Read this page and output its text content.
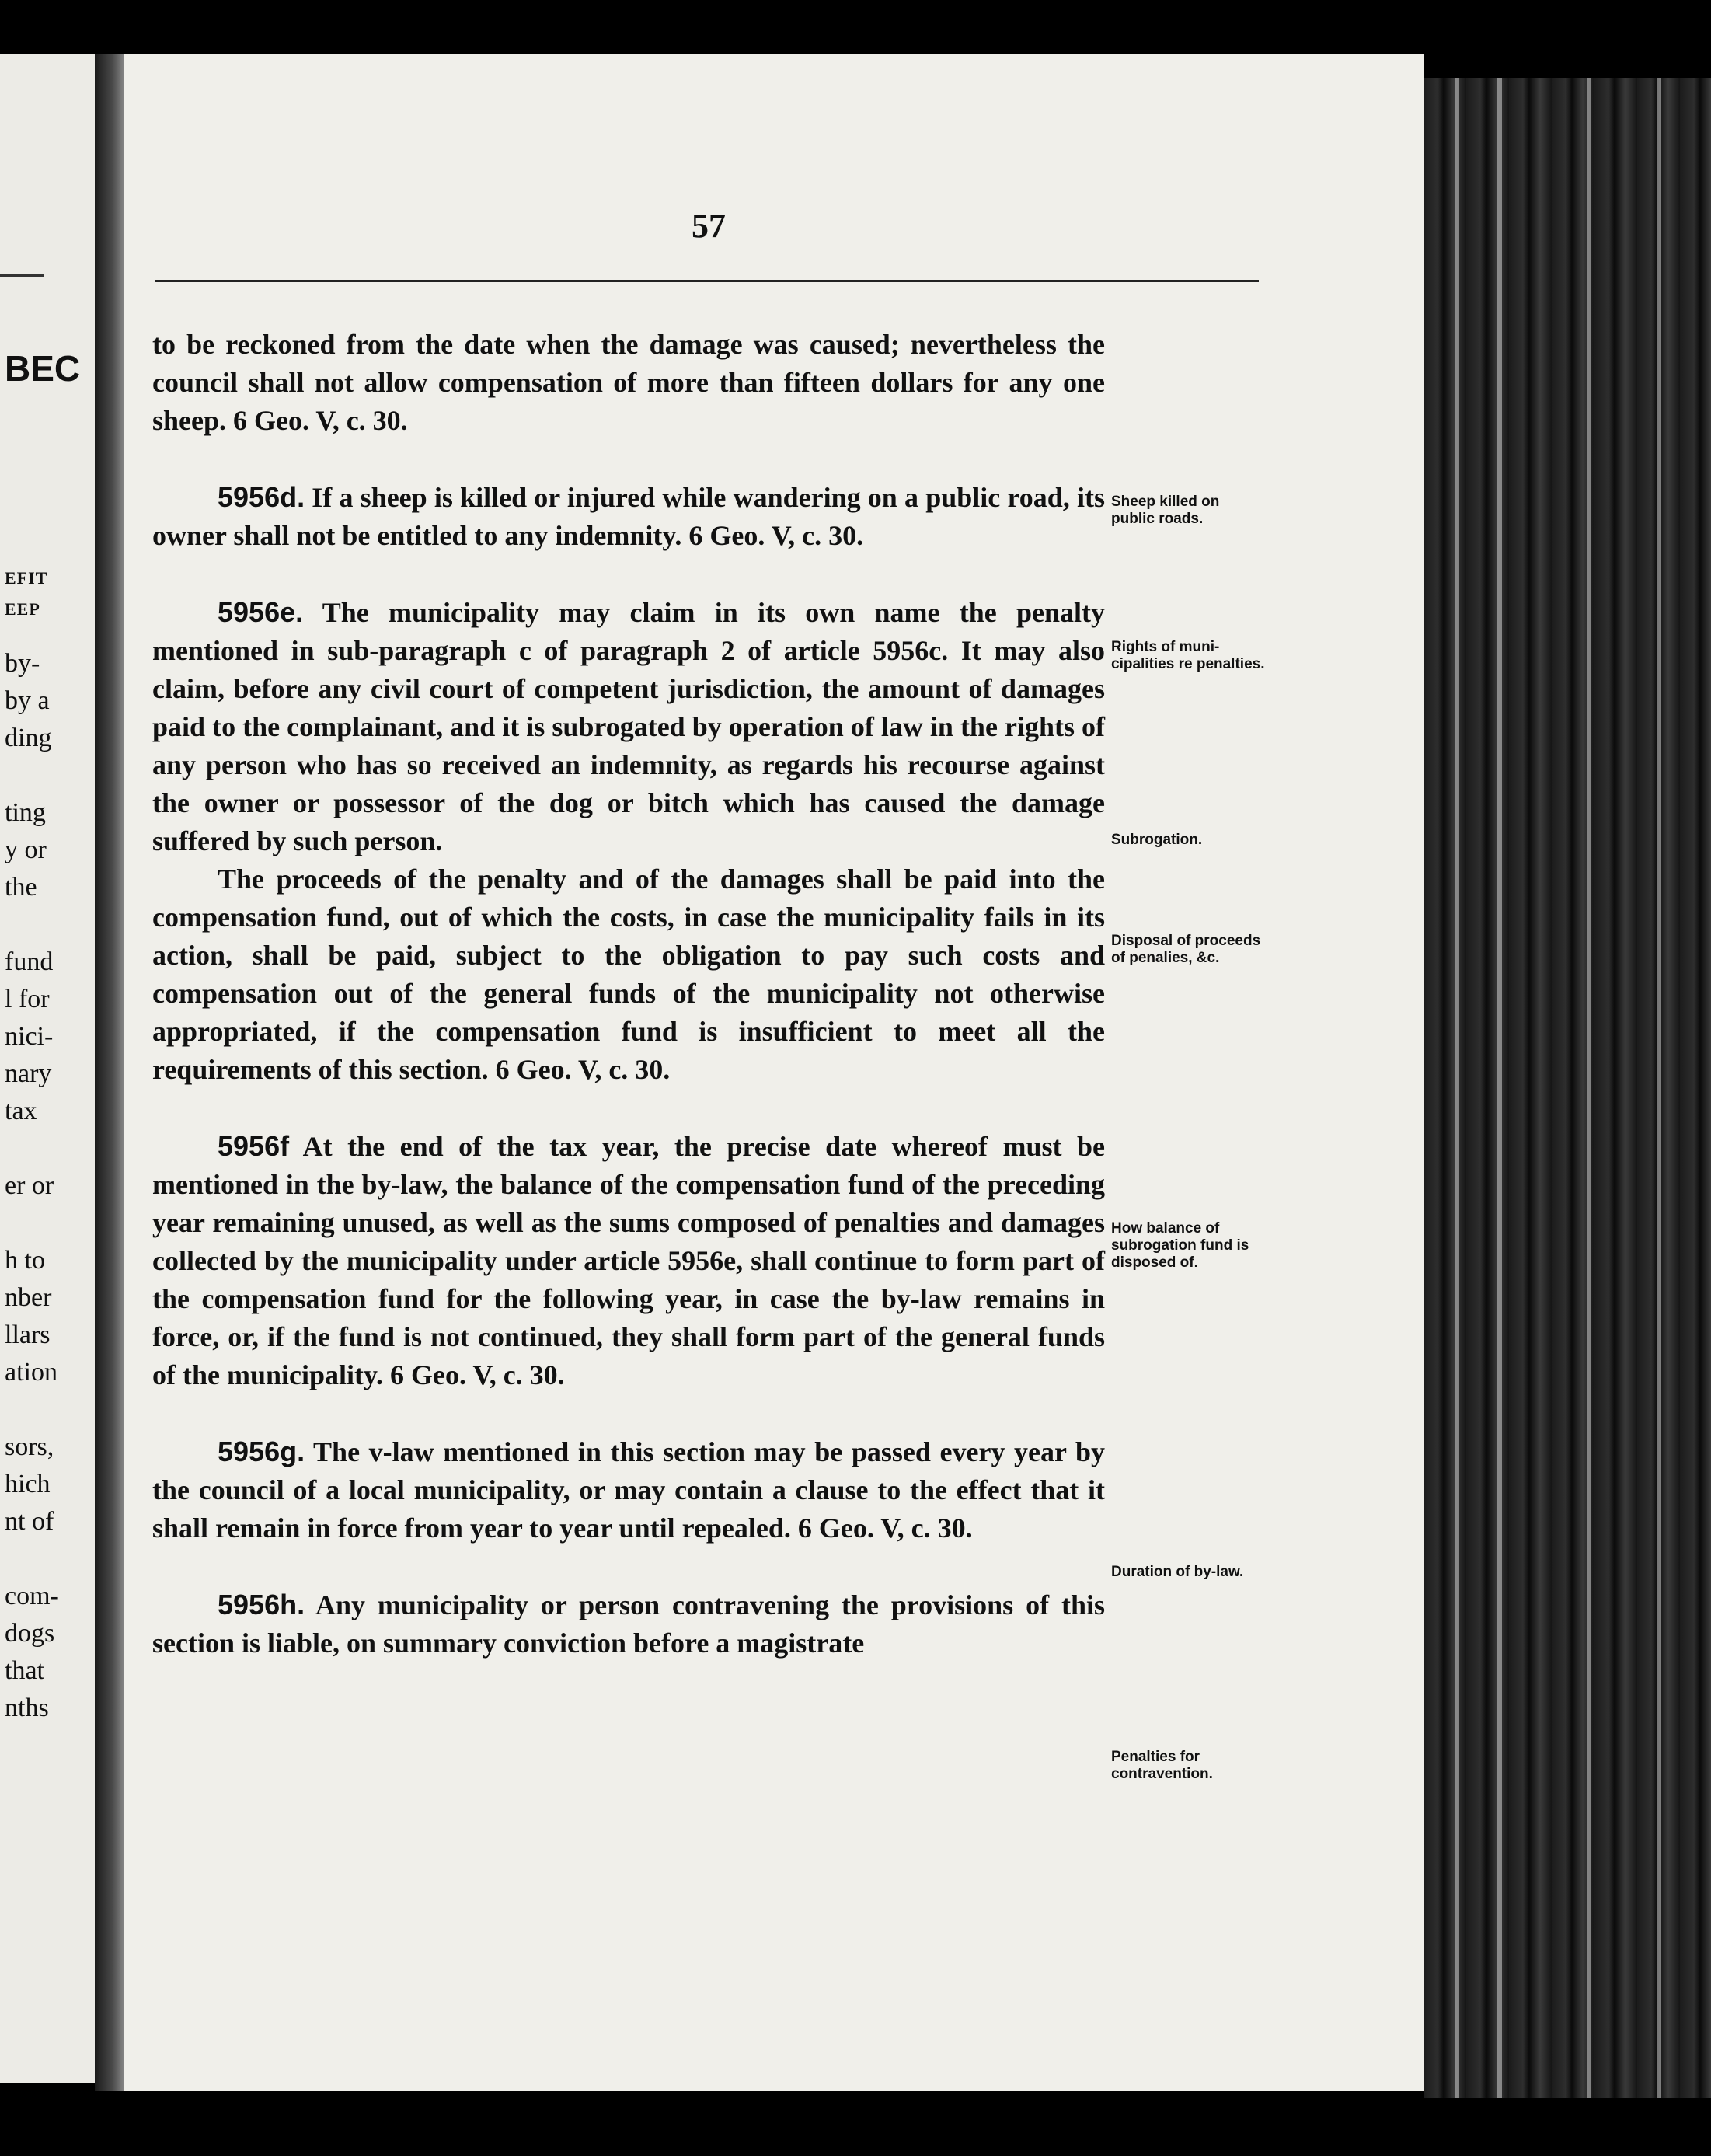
BEC
EFIT
EEP
by-
by a
ding
ting
y or
the
fund
l for
nici-
nary
tax
er or
h to
nber
llars
ation
sors,
hich
nt of
com-
dogs
that
nths
57

to be reckoned from the date when the damage was caused; nevertheless the council shall not allow compensation of more than fifteen dollars for any one sheep. 6 Geo. V, c. 30.

5956d. If a sheep is killed or injured while wandering on a public road, its owner shall not be entitled to any indemnity. 6 Geo. V, c. 30.

5956e. The municipality may claim in its own name the penalty mentioned in sub-paragraph c of paragraph 2 of article 5956c. It may also claim, before any civil court of competent jurisdiction, the amount of damages paid to the complainant, and it is subrogated by operation of law in the rights of any person who has so received an indemnity, as regards his recourse against the owner or possessor of the dog or bitch which has caused the damage suffered by such person.

The proceeds of the penalty and of the damages shall be paid into the compensation fund, out of which the costs, in case the municipality fails in its action, shall be paid, subject to the obligation to pay such costs and compensation out of the general funds of the municipality not otherwise appropriated, if the compensation fund is insufficient to meet all the requirements of this section. 6 Geo. V, c. 30.

5956f At the end of the tax year, the precise date whereof must be mentioned in the by-law, the balance of the compensation fund of the preceding year remaining unused, as well as the sums composed of penalties and damages collected by the municipality under article 5956e, shall continue to form part of the compensation fund for the following year, in case the by-law remains in force, or, if the fund is not continued, they shall form part of the general funds of the municipality. 6 Geo. V, c. 30.

5956g. The v-law mentioned in this section may be passed every year by the council of a local municipality, or may contain a clause to the effect that it shall remain in force from year to year until repealed. 6 Geo. V, c. 30.

5956h. Any municipality or person contravening the provisions of this section is liable, on summary conviction before a magistrate

Sheep killed on public roads.
Rights of municipalities re penalties.
Subrogation.
Disposal of proceeds of penalies, &c.
How balance of subrogation fund is disposed of.
Duration of by-law.
Penalties for contravention.
